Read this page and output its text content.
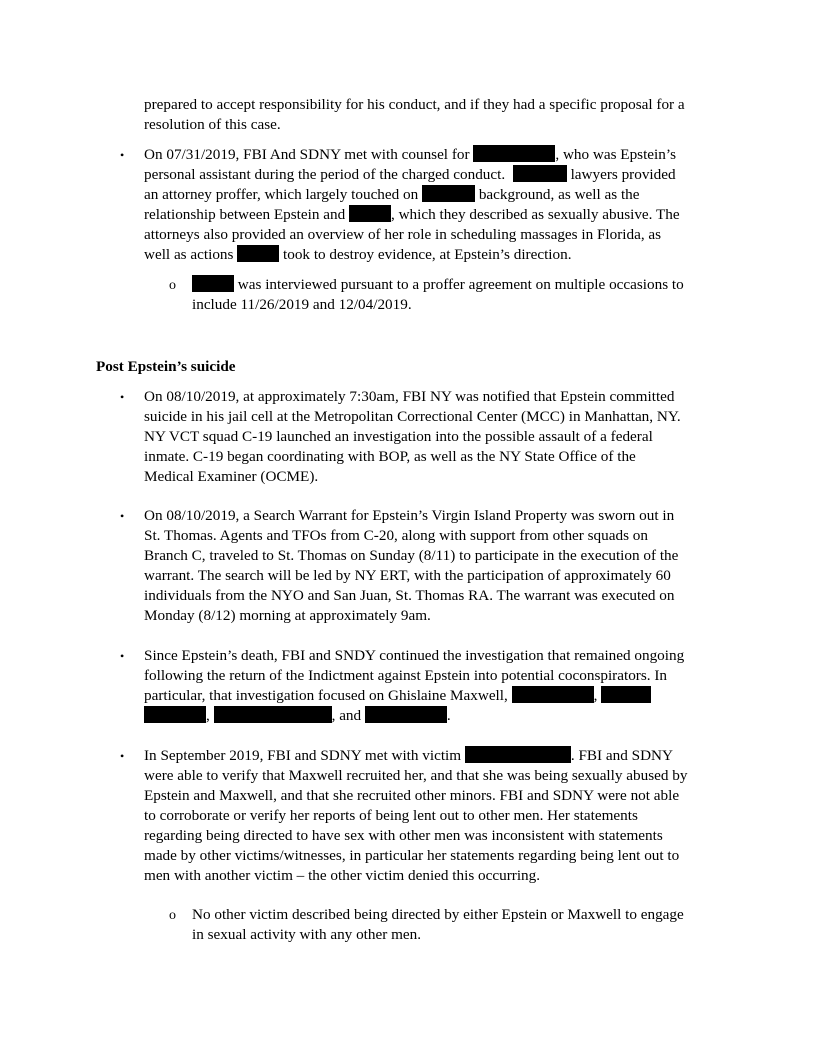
prepared to accept responsibility for his conduct, and if they had a specific proposal for a
resolution of this case.
• On 07/31/2019, FBI And SDNY met with counsel for	, who was Epstein’s
personal assistant during the period of the charged conduct.	lawyers provided
an attorney proffer, which largely touched on	background, as well as the
relationship between Epstein and	, which they described as sexually abusive. The
attorneys also provided an overview of her role in scheduling massages in Florida, as
well as actions	took to destroy evidence, at Epstein’s direction.
o	was interviewed pursuant to a proffer agreement on multiple occasions to
include 11/26/2019 and 12/04/2019.
Post Epstein’s suicide
• On 08/10/2019, at approximately 7:30am, FBI NY was notified that Epstein committed
suicide in his jail cell at the Metropolitan Correctional Center (MCC) in Manhattan, NY.
NY VCT squad C-19 launched an investigation into the possible assault of a federal
inmate. C-19 began coordinating with BOP, as well as the NY State Office of the
Medical Examiner (OCME).
• On 08/10/2019, a Search Warrant for Epstein’s Virgin Island Property was sworn out in
St. Thomas. Agents and TFOs from C-20, along with support from other squads on
Branch C, traveled to St. Thomas on Sunday (8/11) to participate in the execution of the
warrant. The search will be led by NY ERT, with the participation of approximately 60
individuals from the NYO and San Juan, St. Thomas RA. The warrant was executed on
Monday (8/12) morning at approximately 9am.
• Since Epstein’s death, FBI and SNDY continued the investigation that remained ongoing
following the return of the Indictment against Epstein into potential coconspirators. In
particular, that investigation focused on Ghislaine Maxwell,	,
,	, and	.
• In September 2019, FBI and SDNY met with victim	. FBI and SDNY
were able to verify that Maxwell recruited her, and that she was being sexually abused by
Epstein and Maxwell, and that she recruited other minors. FBI and SDNY were not able
to corroborate or verify her reports of being lent out to other men. Her statements
regarding being directed to have sex with other men was inconsistent with statements
made by other victims/witnesses, in particular her statements regarding being lent out to
men with another victim – the other victim denied this occurring.
o No other victim described being directed by either Epstein or Maxwell to engage
in sexual activity with any other men.
